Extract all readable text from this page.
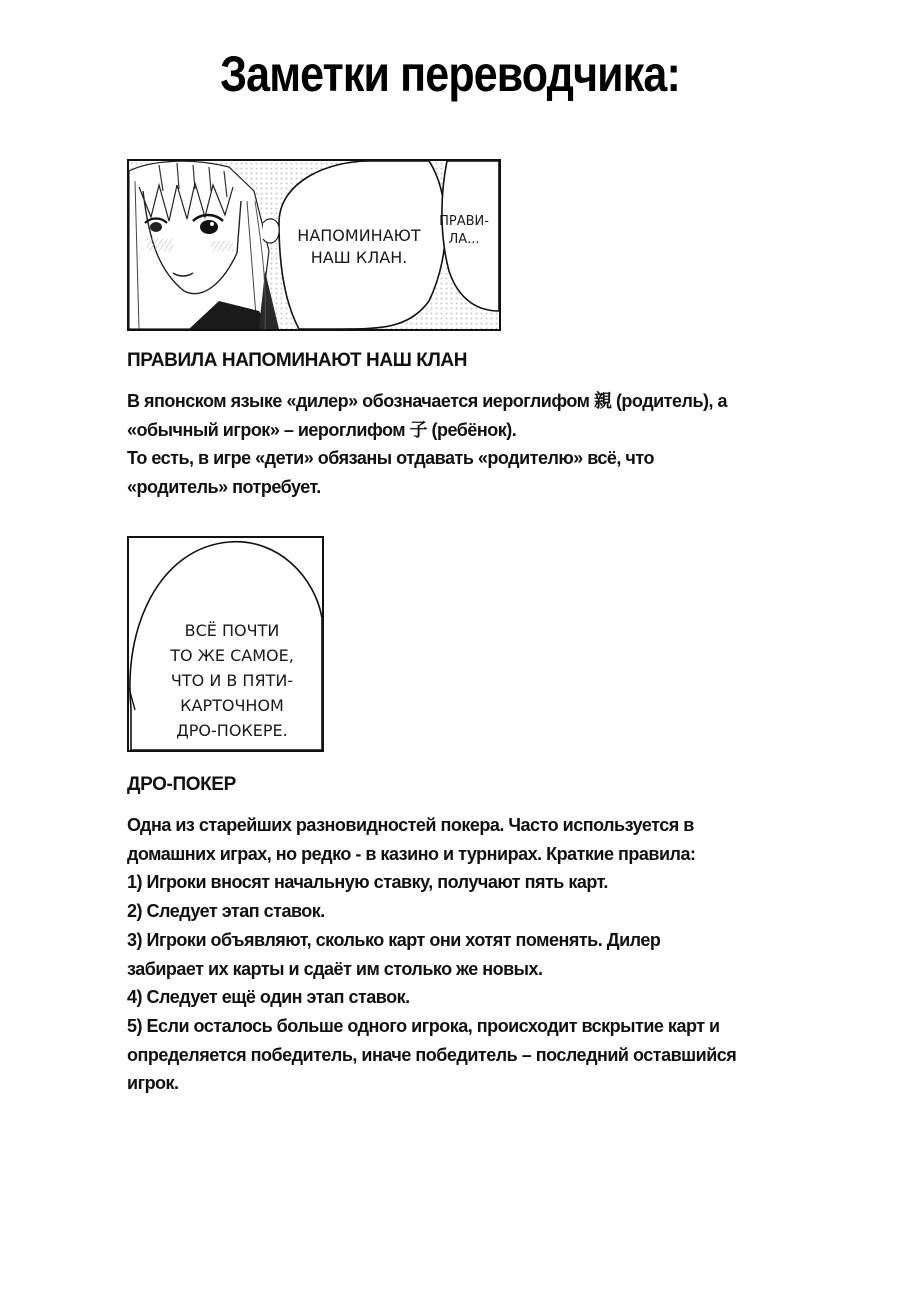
Заметки переводчика:
НАПОМИНАЮТ
НАШ КЛАН.
ПРАВИ-
ЛА...
ПРАВИЛА НАПОМИНАЮТ НАШ КЛАН

В японском языке «дилер» обозначается иероглифом 親 (родитель), а
«обычный игрок» – иероглифом 子 (ребёнок).
То есть, в игре «дети» обязаны отдавать «родителю» всё, что
«родитель» потребует.

ВСЁ ПОЧТИ
ТО ЖЕ САМОЕ,
ЧТО И В ПЯТИ-
КАРТОЧНОМ
ДРО-ПОКЕРЕ.
ДРО-ПОКЕР

Одна из старейших разновидностей покера. Часто используется в
домашних играх, но редко - в казино и турнирах. Краткие правила:
1) Игроки вносят начальную ставку, получают пять карт.
2) Следует этап ставок.
3) Игроки объявляют, сколько карт они хотят поменять. Дилер
забирает их карты и сдаёт им столько же новых.
4) Следует ещё один этап ставок.
5) Если осталось больше одного игрока, происходит вскрытие карт и
определяется победитель, иначе победитель – последний оставшийся
игрок.
